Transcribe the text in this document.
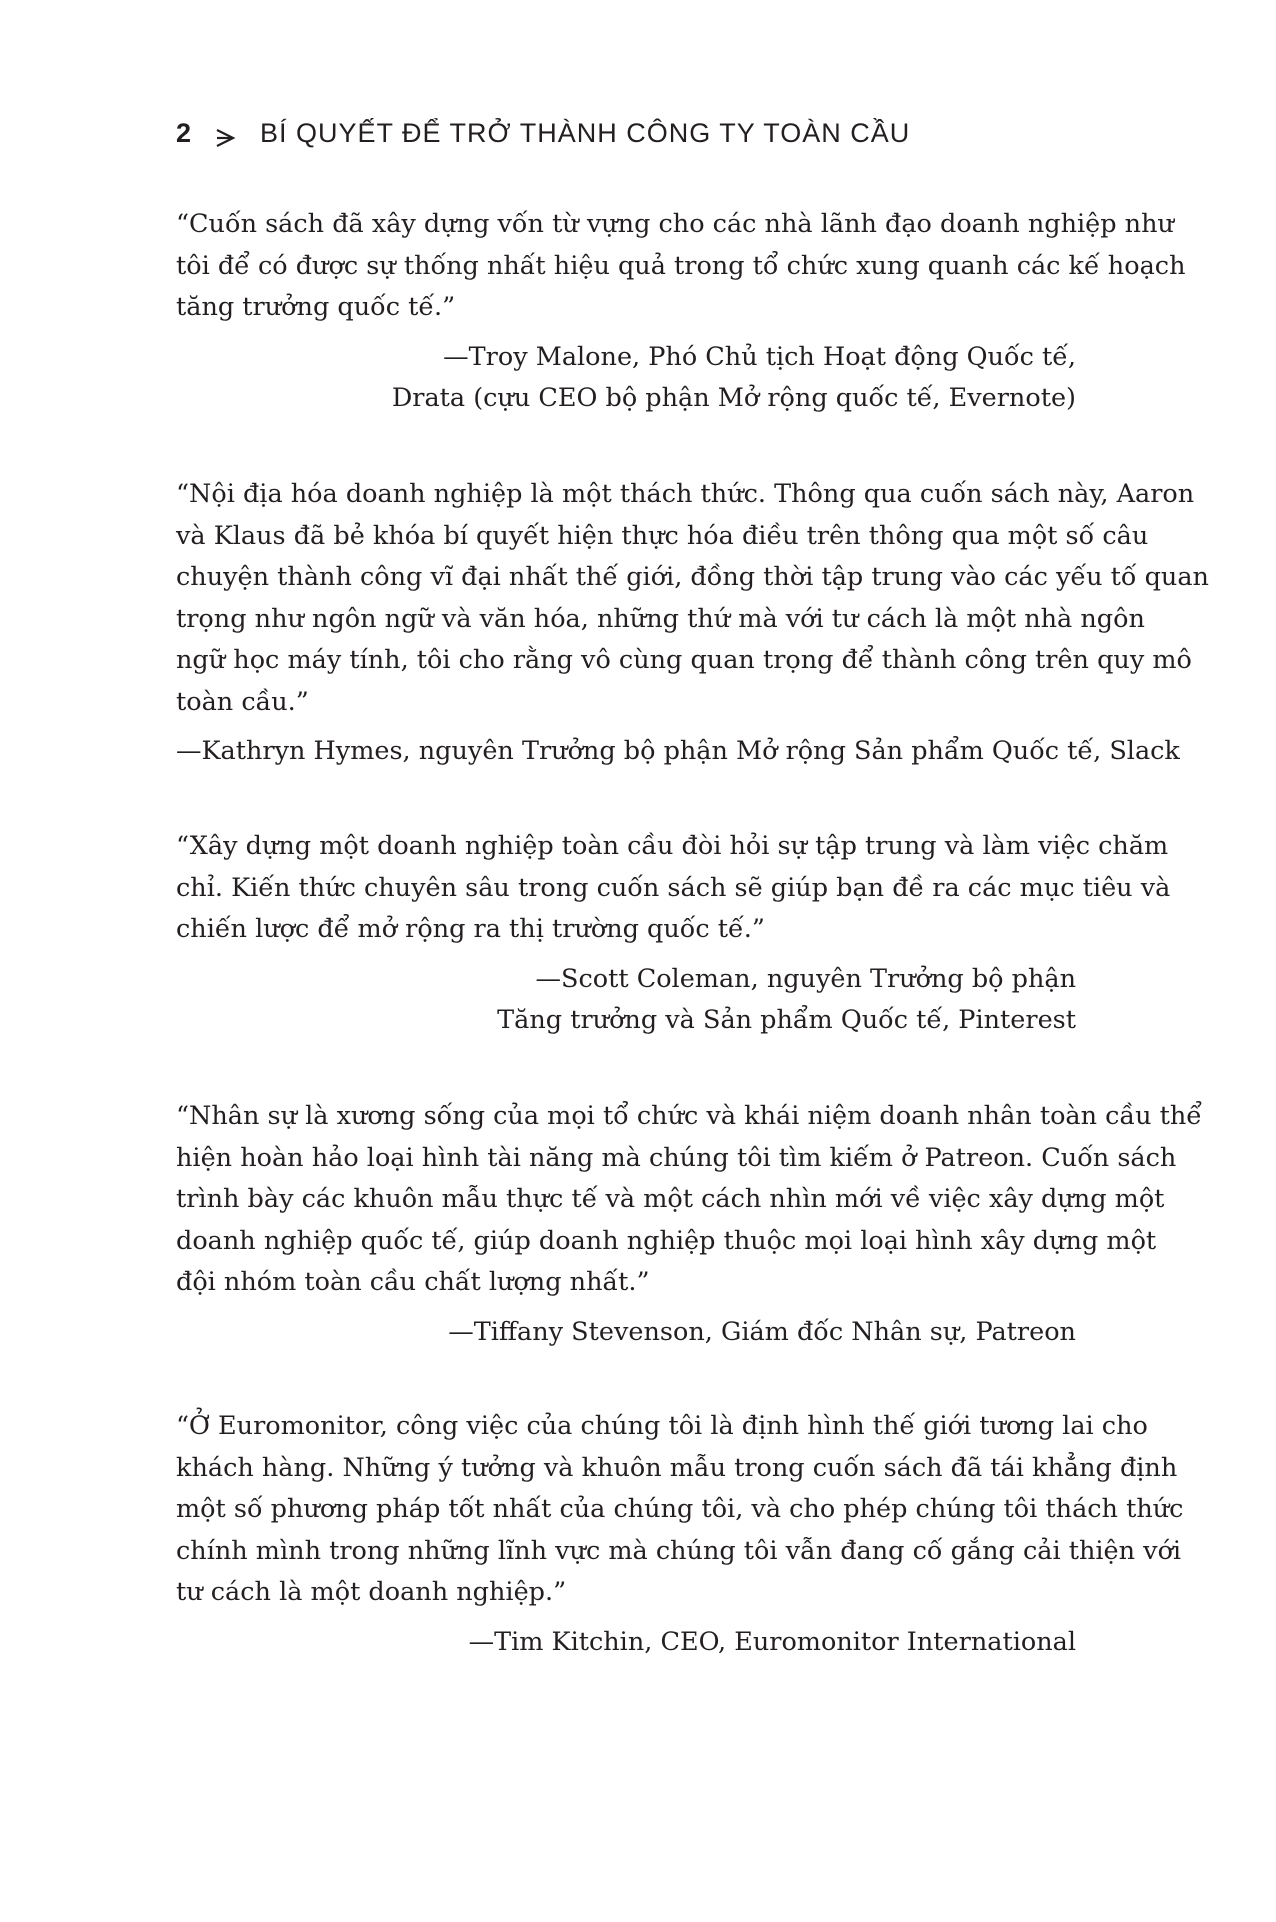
2	BÍ QUYẾT ĐỂ TRỞ THÀNH CÔNG TY TOÀN CẦU

“Cuốn sách đã xây dựng vốn từ vựng cho các nhà lãnh đạo doanh nghiệp như
tôi để có được sự thống nhất hiệu quả trong tổ chức xung quanh các kế hoạch
tăng trưởng quốc tế.”

—Troy Malone, Phó Chủ tịch Hoạt động Quốc tế,
Drata (cựu CEO bộ phận Mở rộng quốc tế, Evernote)

“Nội địa hóa doanh nghiệp là một thách thức. Thông qua cuốn sách này, Aaron
và Klaus đã bẻ khóa bí quyết hiện thực hóa điều trên thông qua một số câu
chuyện thành công vĩ đại nhất thế giới, đồng thời tập trung vào các yếu tố quan
trọng như ngôn ngữ và văn hóa, những thứ mà với tư cách là một nhà ngôn
ngữ học máy tính, tôi cho rằng vô cùng quan trọng để thành công trên quy mô
toàn cầu.”

—Kathryn Hymes, nguyên Trưởng bộ phận Mở rộng Sản phẩm Quốc tế, Slack

“Xây dựng một doanh nghiệp toàn cầu đòi hỏi sự tập trung và làm việc chăm
chỉ. Kiến thức chuyên sâu trong cuốn sách sẽ giúp bạn đề ra các mục tiêu và
chiến lược để mở rộng ra thị trường quốc tế.”

—Scott Coleman, nguyên Trưởng bộ phận
Tăng trưởng và Sản phẩm Quốc tế, Pinterest

“Nhân sự là xương sống của mọi tổ chức và khái niệm doanh nhân toàn cầu thể
hiện hoàn hảo loại hình tài năng mà chúng tôi tìm kiếm ở Patreon. Cuốn sách
trình bày các khuôn mẫu thực tế và một cách nhìn mới về việc xây dựng một
doanh nghiệp quốc tế, giúp doanh nghiệp thuộc mọi loại hình xây dựng một
đội nhóm toàn cầu chất lượng nhất.”

—Tiffany Stevenson, Giám đốc Nhân sự, Patreon

“Ở Euromonitor, công việc của chúng tôi là định hình thế giới tương lai cho
khách hàng. Những ý tưởng và khuôn mẫu trong cuốn sách đã tái khẳng định
một số phương pháp tốt nhất của chúng tôi, và cho phép chúng tôi thách thức
chính mình trong những lĩnh vực mà chúng tôi vẫn đang cố gắng cải thiện với
tư cách là một doanh nghiệp.”

—Tim Kitchin, CEO, Euromonitor International
